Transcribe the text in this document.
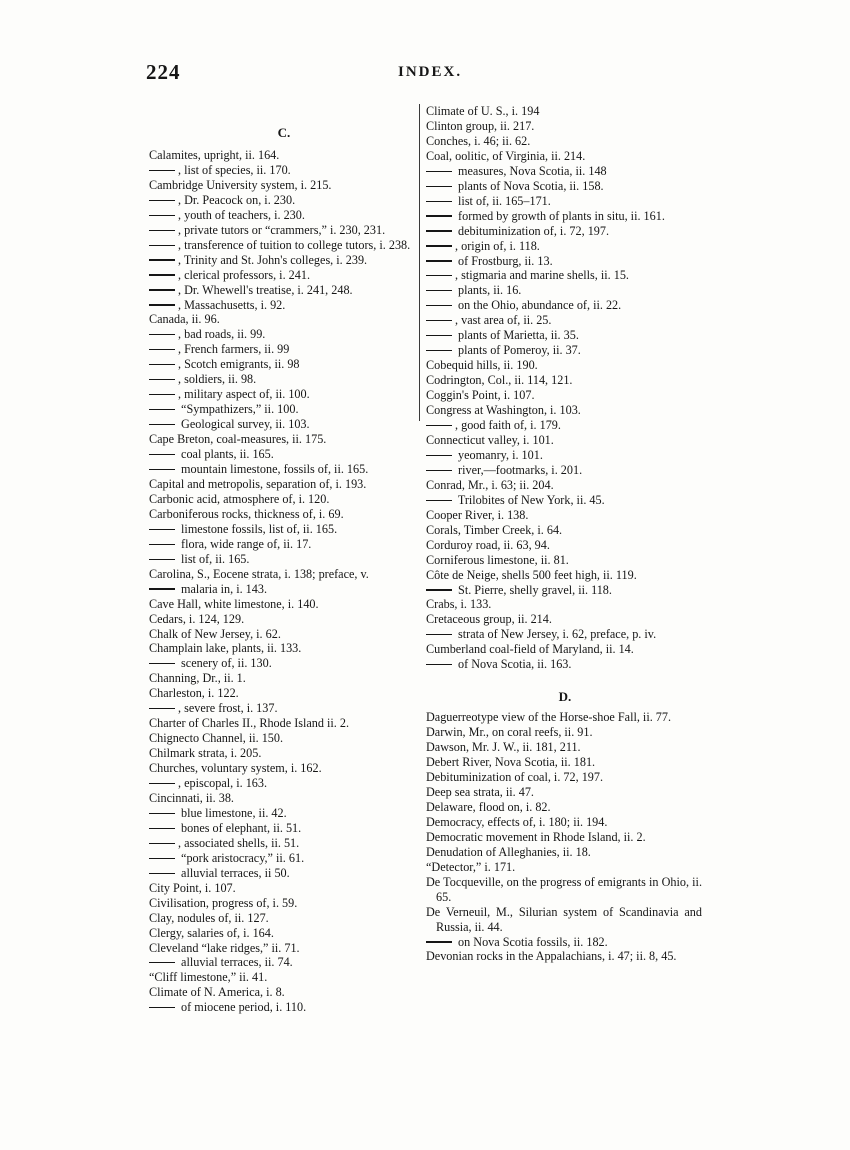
224	INDEX.
C.
Calamites, upright, ii. 164.
, list of species, ii. 170.
Cambridge University system, i. 215.
, Dr. Peacock on, i. 230.
, youth of teachers, i. 230.
, private tutors or “crammers,” i. 230, 231.
, transference of tuition to college tutors, i. 238.
, Trinity and St. John's colleges, i. 239.
, clerical professors, i. 241.
, Dr. Whewell's treatise, i. 241, 248.
, Massachusetts, i. 92.
Canada, ii. 96.
, bad roads, ii. 99.
, French farmers, ii. 99
, Scotch emigrants, ii. 98
, soldiers, ii. 98.
, military aspect of, ii. 100.
“Sympathizers,” ii. 100.
Geological survey, ii. 103.
Cape Breton, coal-measures, ii. 175.
coal plants, ii. 165.
mountain limestone, fossils of, ii. 165.
Capital and metropolis, separation of, i. 193.
Carbonic acid, atmosphere of, i. 120.
Carboniferous rocks, thickness of, i. 69.
limestone fossils, list of, ii. 165.
flora, wide range of, ii. 17.
list of, ii. 165.
Carolina, S., Eocene strata, i. 138; preface, v.
malaria in, i. 143.
Cave Hall, white limestone, i. 140.
Cedars, i. 124, 129.
Chalk of New Jersey, i. 62.
Champlain lake, plants, ii. 133.
scenery of, ii. 130.
Channing, Dr., ii. 1.
Charleston, i. 122.
, severe frost, i. 137.
Charter of Charles II., Rhode Island ii. 2.
Chignecto Channel, ii. 150.
Chilmark strata, i. 205.
Churches, voluntary system, i. 162.
, episcopal, i. 163.
Cincinnati, ii. 38.
blue limestone, ii. 42.
bones of elephant, ii. 51.
, associated shells, ii. 51.
“pork aristocracy,” ii. 61.
alluvial terraces, ii 50.
City Point, i. 107.
Civilisation, progress of, i. 59.
Clay, nodules of, ii. 127.
Clergy, salaries of, i. 164.
Cleveland “lake ridges,” ii. 71.
alluvial terraces, ii. 74.
“Cliff limestone,” ii. 41.
Climate of N. America, i. 8.
of miocene period, i. 110.
Climate of U. S., i. 194
Clinton group, ii. 217.
Conches, i. 46; ii. 62.
Coal, oolitic, of Virginia, ii. 214.
measures, Nova Scotia, ii. 148
plants of Nova Scotia, ii. 158.
list of, ii. 165–171.
formed by growth of plants in situ, ii. 161.
debituminization of, i. 72, 197.
, origin of, i. 118.
of Frostburg, ii. 13.
, stigmaria and marine shells, ii. 15.
plants, ii. 16.
on the Ohio, abundance of, ii. 22.
, vast area of, ii. 25.
plants of Marietta, ii. 35.
plants of Pomeroy, ii. 37.
Cobequid hills, ii. 190.
Codrington, Col., ii. 114, 121.
Coggin's Point, i. 107.
Congress at Washington, i. 103.
, good faith of, i. 179.
Connecticut valley, i. 101.
yeomanry, i. 101.
river,—footmarks, i. 201.
Conrad, Mr., i. 63; ii. 204.
Trilobites of New York, ii. 45.
Cooper River, i. 138.
Corals, Timber Creek, i. 64.
Corduroy road, ii. 63, 94.
Corniferous limestone, ii. 81.
Côte de Neige, shells 500 feet high, ii. 119.
St. Pierre, shelly gravel, ii. 118.
Crabs, i. 133.
Cretaceous group, ii. 214.
strata of New Jersey, i. 62, preface, p. iv.
Cumberland coal-field of Maryland, ii. 14.
of Nova Scotia, ii. 163.
D.
Daguerreotype view of the Horse-shoe Fall, ii. 77.
Darwin, Mr., on coral reefs, ii. 91.
Dawson, Mr. J. W., ii. 181, 211.
Debert River, Nova Scotia, ii. 181.
Debituminization of coal, i. 72, 197.
Deep sea strata, ii. 47.
Delaware, flood on, i. 82.
Democracy, effects of, i. 180; ii. 194.
Democratic movement in Rhode Island, ii. 2.
Denudation of Alleghanies, ii. 18.
“Detector,” i. 171.
De Tocqueville, on the progress of emigrants in Ohio, ii. 65.
De Verneuil, M., Silurian system of Scandinavia and Russia, ii. 44.
on Nova Scotia fossils, ii. 182.
Devonian rocks in the Appalachians, i. 47; ii. 8, 45.
